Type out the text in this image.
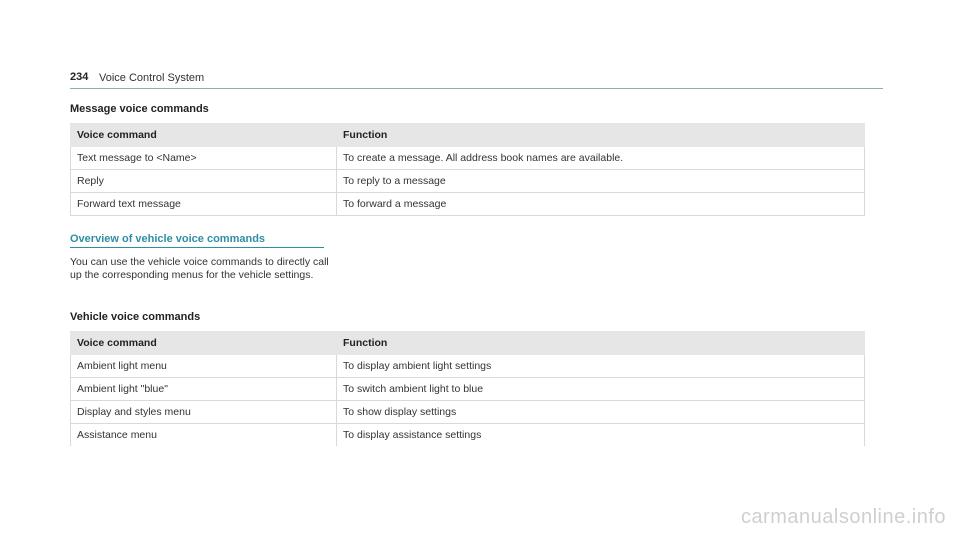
234 Voice Control System
Message voice commands
Voice command	Function
Text message to <Name>	To create a message. All address book names are available.
Reply	To reply to a message
Forward text message	To forward a message
Overview of vehicle voice commands
You can use the vehicle voice commands to directly call up the corresponding menus for the vehicle settings.
Vehicle voice commands
Voice command	Function
Ambient light menu	To display ambient light settings
Ambient light "blue"	To switch ambient light to blue
Display and styles menu	To show display settings
Assistance menu	To display assistance settings
carmanualsonline.info
